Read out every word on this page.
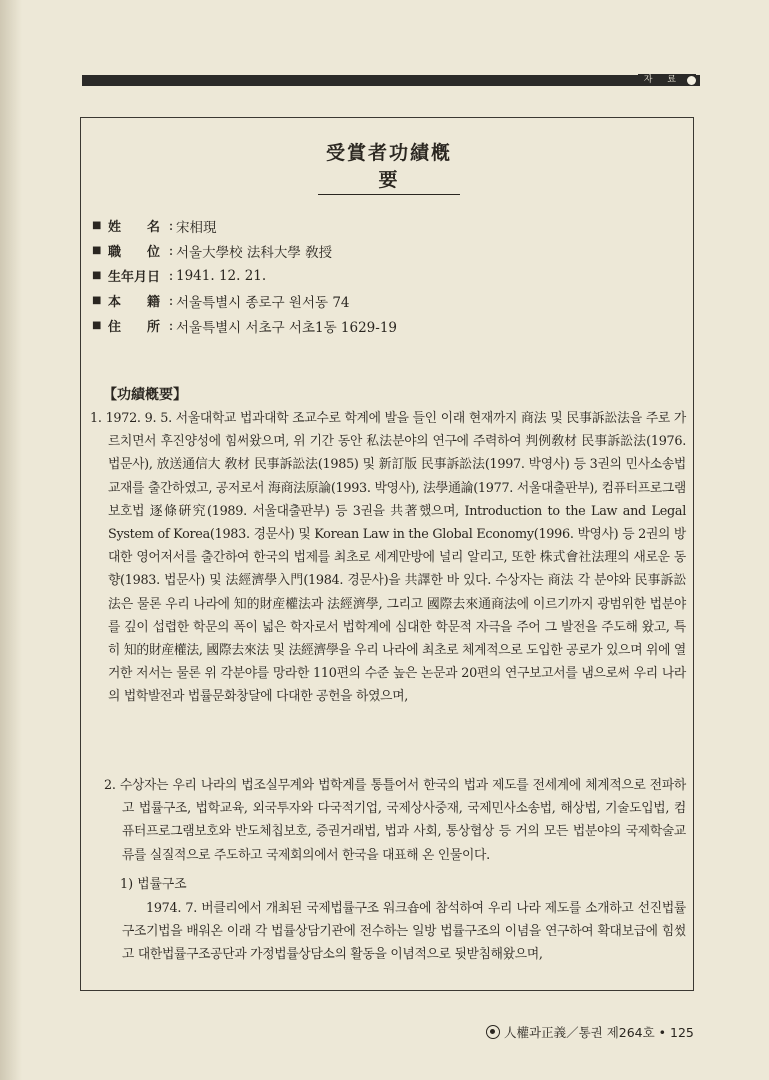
자 료
受賞者功績槪要
■ 姓　　名 : 宋相現
■ 職　　位 : 서울大學校 法科大學 敎授
■ 生年月日 : 1941. 12. 21.
■ 本　　籍 : 서울특별시 종로구 원서동 74
■ 住　　所 : 서울특별시 서초구 서초1동 1629-19
【功績槪要】

1. 1972. 9. 5. 서울대학교 법과대학 조교수로 학계에 발을 들인 이래 현재까지 商法 및 民事訴訟法을 주로 가르치면서 후진양성에 힘써왔으며, 위 기간 동안 私法분야의 연구에 주력하여 判例敎材 民事訴訟法(1976. 법문사), 放送通信大 敎材 民事訴訟法(1985) 및 新訂版 民事訴訟法(1997. 박영사) 등 3권의 민사소송법 교재를 출간하였고, 공저로서 海商法原論(1993. 박영사), 法學通論(1977. 서울대출판부), 컴퓨터프로그램보호법 逐條硏究(1989. 서울대출판부) 등 3권을 共著했으며, Introduction to the Law and Legal System of Korea(1983. 경문사) 및 Korean Law in the Global Economy(1996. 박영사) 등 2권의 방대한 영어저서를 출간하여 한국의 법제를 최초로 세계만방에 널리 알리고, 또한 株式會社法理의 새로운 동향(1983. 법문사) 및 法經濟學入門(1984. 경문사)을 共譯한 바 있다. 수상자는 商法 각 분야와 民事訴訟法은 물론 우리 나라에 知的財産權法과 法經濟學, 그리고 國際去來通商法에 이르기까지 광범위한 법분야를 깊이 섭렵한 학문의 폭이 넓은 학자로서 법학계에 심대한 학문적 자극을 주어 그 발전을 주도해 왔고, 특히 知的財産權法, 國際去來法 및 法經濟學을 우리 나라에 최초로 체계적으로 도입한 공로가 있으며 위에 열거한 저서는 물론 위 각분야를 망라한 110편의 수준 높은 논문과 20편의 연구보고서를 냄으로써 우리 나라의 법학발전과 법률문화창달에 다대한 공헌을 하였으며,

2. 수상자는 우리 나라의 법조실무계와 법학계를 통틀어서 한국의 법과 제도를 전세계에 체계적으로 전파하고 법률구조, 법학교육, 외국투자와 다국적기업, 국제상사중재, 국제민사소송법, 해상법, 기술도입법, 컴퓨터프로그램보호와 반도체칩보호, 증권거래법, 법과 사회, 통상협상 등 거의 모든 법분야의 국제학술교류를 실질적으로 주도하고 국제회의에서 한국을 대표해 온 인물이다.

1) 법률구조

1974. 7. 버클리에서 개최된 국제법률구조 워크숍에 참석하여 우리 나라 제도를 소개하고 선진법률구조기법을 배워온 이래 각 법률상담기관에 전수하는 일방 법률구조의 이념을 연구하여 확대보급에 힘썼고 대한법률구조공단과 가정법률상담소의 활동을 이념적으로 뒷받침해왔으며,

人權과正義／통권 제264호 • 125
